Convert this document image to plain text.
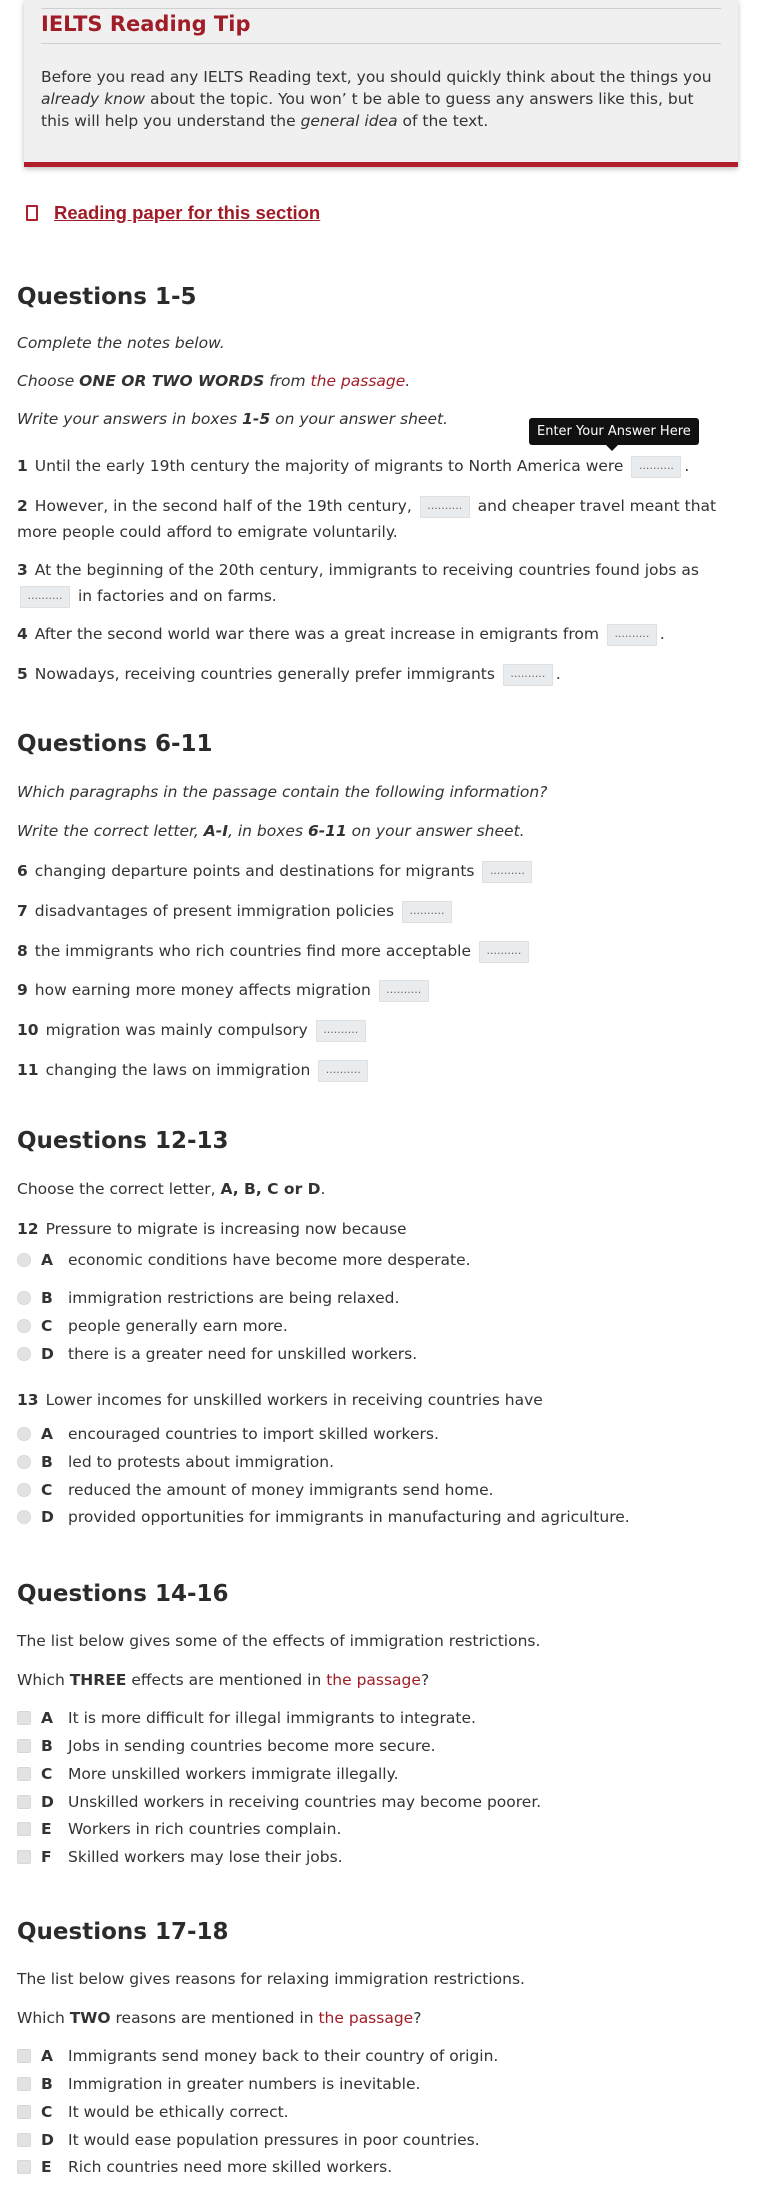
IELTS Reading Tip

Before you read any IELTS Reading text, you should quickly think about the things you already know about the topic. You won’ t be able to guess any answers like this, but this will help you understand the general idea of the text.

Reading paper for this section
Questions 1-5
Complete the notes below.
Choose ONE OR TWO WORDS from the passage.
Write your answers in boxes 1-5 on your answer sheet.
Enter Your Answer Here
1 Until the early 19th century the majority of migrants to North America were .......... .
2 However, in the second half of the 19th century, .......... and cheaper travel meant that more people could afford to emigrate voluntarily.
3 At the beginning of the 20th century, immigrants to receiving countries found jobs as .......... in factories and on farms.
4 After the second world war there was a great increase in emigrants from .......... .
5 Nowadays, receiving countries generally prefer immigrants .......... .
Questions 6-11
Which paragraphs in the passage contain the following information?
Write the correct letter, A-I, in boxes 6-11 on your answer sheet.
6 changing departure points and destinations for migrants ..........
7 disadvantages of present immigration policies ..........
8 the immigrants who rich countries find more acceptable ..........
9 how earning more money affects migration ..........
10 migration was mainly compulsory ..........
11 changing the laws on immigration ..........
Questions 12-13
Choose the correct letter, A, B, C or D.
12 Pressure to migrate is increasing now because
A economic conditions have become more desperate.
B immigration restrictions are being relaxed.
C	people generally earn more.
D there is a greater need for unskilled workers.
13 Lower incomes for unskilled workers in receiving countries have
A encouraged countries to import skilled workers.
B led to protests about immigration.
C	reduced the amount of money immigrants send home.
D provided opportunities for immigrants in manufacturing and agriculture.
Questions 14-16
The list below gives some of the effects of immigration restrictions.
Which THREE effects are mentioned in the passage?
A It is more difficult for illegal immigrants to integrate.
B Jobs in sending countries become more secure.
C	More unskilled workers immigrate illegally.
D Unskilled workers in receiving countries may become poorer.
E	Workers in rich countries complain.
F	Skilled workers may lose their jobs.
Questions 17-18
The list below gives reasons for relaxing immigration restrictions.
Which TWO reasons are mentioned in the passage?
A Immigrants send money back to their country of origin.
B Immigration in greater numbers is inevitable.
C	It would be ethically correct.
D It would ease population pressures in poor countries.
E	Rich countries need more skilled workers.
